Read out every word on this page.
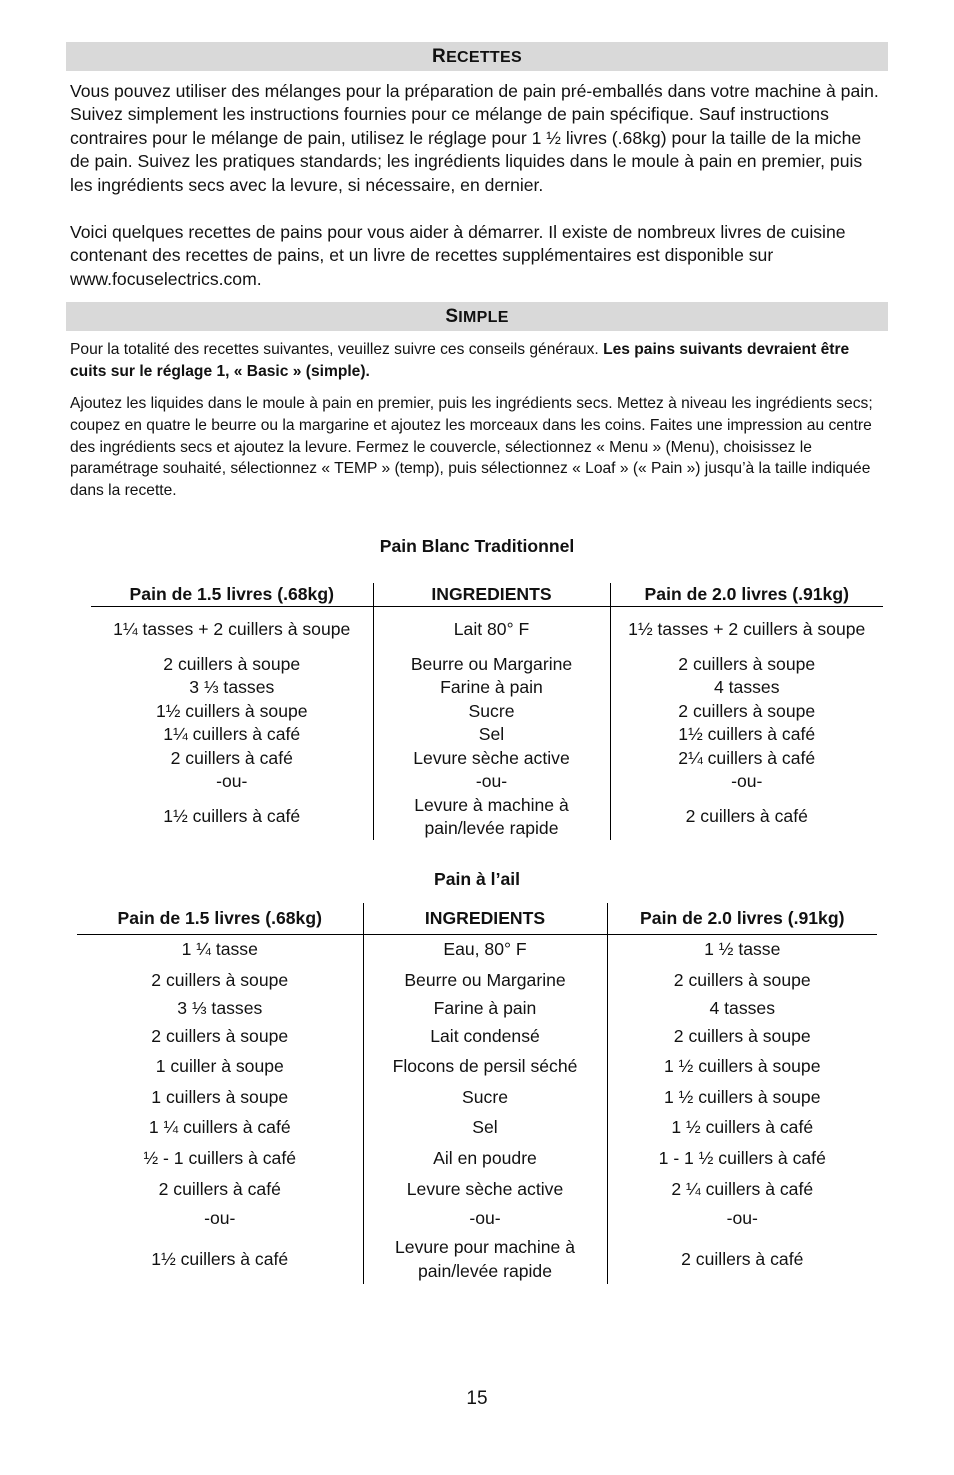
RECETTES

Vous pouvez utiliser des mélanges pour la préparation de pain pré-emballés dans votre machine à pain. Suivez simplement les instructions fournies pour ce mélange de pain spécifique. Sauf instructions contraires pour le mélange de pain, utilisez le réglage pour 1 ½ livres (.68kg) pour la taille de la miche de pain. Suivez les pratiques standards; les ingrédients liquides dans le moule à pain en premier, puis les ingrédients secs avec la levure, si nécessaire, en dernier.

Voici quelques recettes de pains pour vous aider à démarrer. Il existe de nombreux livres de cuisine contenant des recettes de pains, et un livre de recettes supplémentaires est disponible sur www.focuselectrics.com.

SIMPLE

Pour la totalité des recettes suivantes, veuillez suivre ces conseils généraux. Les pains suivants devraient être cuits sur le réglage 1, « Basic » (simple).

Ajoutez les liquides dans le moule à pain en premier, puis les ingrédients secs. Mettez à niveau les ingrédients secs; coupez en quatre le beurre ou la margarine et ajoutez les morceaux dans les coins. Faites une impression au centre des ingrédients secs et ajoutez la levure. Fermez le couvercle, sélectionnez « Menu » (Menu), choisissez le paramétrage souhaité, sélectionnez « TEMP » (temp), puis sélectionnez « Loaf » (« Pain ») jusqu’à la taille indiquée dans la recette.

Pain Blanc Traditionnel
Pain de 1.5 livres (.68kg)	INGREDIENTS	Pain de 2.0 livres (.91kg)
1¼ tasses + 2 cuillers à soupe	Lait 80° F	1½ tasses + 2 cuillers à soupe
2 cuillers à soupe	Beurre ou Margarine	2 cuillers à soupe
3 ⅓ tasses	Farine à pain	4 tasses
1½ cuillers à soupe	Sucre	2 cuillers à soupe
1¼ cuillers à café	Sel	1½ cuillers à café
2 cuillers à café	Levure sèche active	2¼ cuillers à café
-ou-	-ou-	-ou-
1½ cuillers à café	Levure à machine à pain/levée rapide	2 cuillers à café
Pain à l’ail
Pain de 1.5 livres (.68kg)	INGREDIENTS	Pain de 2.0 livres (.91kg)
1 ¼ tasse	Eau, 80° F	1 ½ tasse
2 cuillers à soupe	Beurre ou Margarine	2 cuillers à soupe
3 ⅓ tasses	Farine à pain	4 tasses
2 cuillers à soupe	Lait condensé	2 cuillers à soupe
1 cuiller à soupe	Flocons de persil séché	1 ½ cuillers à soupe
1 cuillers à soupe	Sucre	1 ½ cuillers à soupe
1 ¼ cuillers à café	Sel	1 ½ cuillers à café
½ - 1 cuillers à café	Ail en poudre	1 - 1 ½ cuillers à café
2 cuillers à café	Levure sèche active	2 ¼ cuillers à café
-ou-	-ou-	-ou-
1½ cuillers à café	Levure pour machine à pain/levée rapide	2 cuillers à café
15
